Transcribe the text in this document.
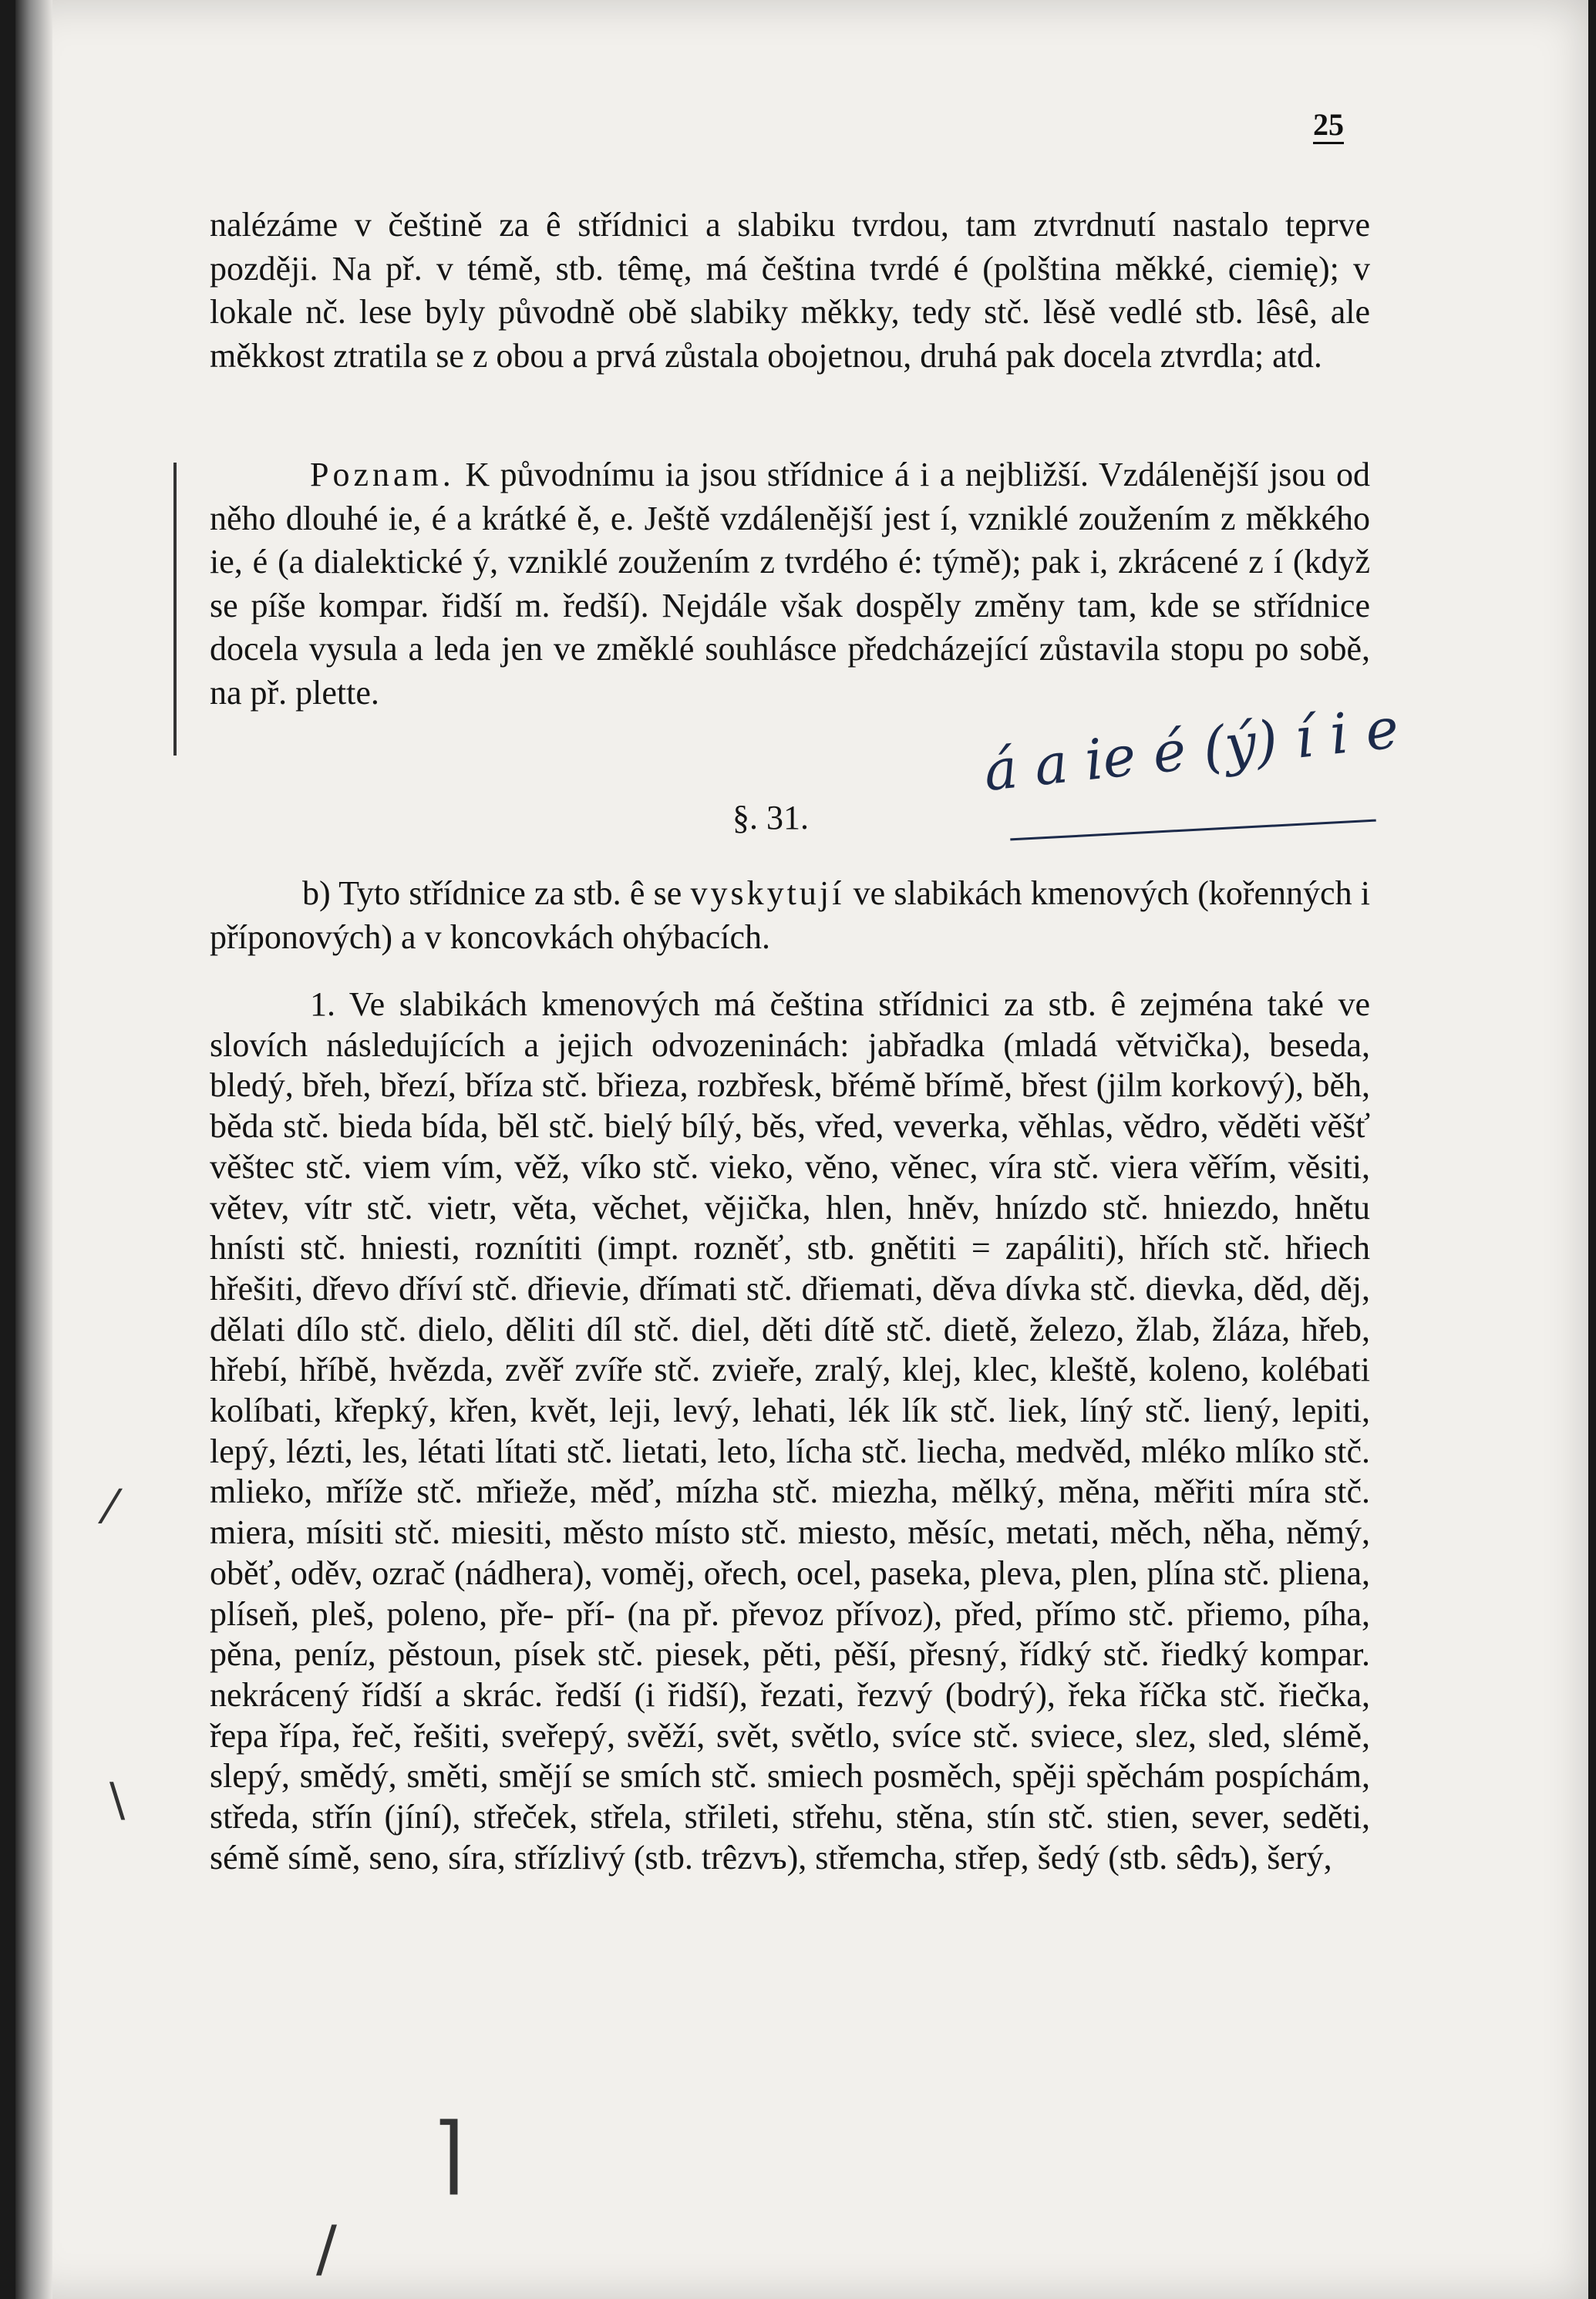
25
nalézáme v češtině za ê střídnici a slabiku tvrdou, tam ztvrdnutí nastalo teprve později. Na př. v témě, stb. têmę, má čeština tvrdé é (polština měkké, ciemię); v lokale nč. lese byly původně obě slabiky měkky, tedy stč. lěsě vedlé stb. lêsê, ale měkkost ztratila se z obou a prvá zůstala obojetnou, druhá pak docela ztvrdla; atd.
Poznam. K původnímu ia jsou střídnice á i a nejbližší. Vzdálenější jsou od něho dlouhé ie, é a krátké ě, e. Ještě vzdálenější jest í, vzniklé zoužením z měkkého ie, é (a dialektické ý, vzniklé zoužením z tvrdého é: týmě); pak i, zkrácené z í (když se píše kompar. řidší m. ředší). Nejdále však dospěly změny tam, kde se střídnice docela vysula a leda jen ve změklé souhlásce předcházející zůstavila stopu po sobě, na př. plette.
á a ie é (ý) í i e
§. 31.
b) Tyto střídnice za stb. ê se vyskytují ve slabikách kmenových (kořenných i příponových) a v koncovkách ohýbacích.
1. Ve slabikách kmenových má čeština střídnici za stb. ê zejména také ve slovích následujících a jejich odvozeninách: jabřadka (mladá větvička), beseda, bledý, břeh, březí, bříza stč. břieza, rozbřesk, břémě břímě, břest (jilm korkový), běh, běda stč. bieda bída, běl stč. bielý bílý, běs, vřed, veverka, věhlas, vědro, věděti věšť věštec stč. viem vím, věž, víko stč. vieko, věno, věnec, víra stč. viera věřím, věsiti, větev, vítr stč. vietr, věta, věchet, vějička, hlen, hněv, hnízdo stč. hniezdo, hnětu hnísti stč. hniesti, roznítiti (impt. rozněť, stb. gnětiti = zapáliti), hřích stč. hřiech hřešiti, dřevo dříví stč. dřievie, dřímati stč. dřiemati, děva dívka stč. dievka, děd, děj, dělati dílo stč. dielo, děliti díl stč. diel, děti dítě stč. dietě, železo, žlab, žláza, hřeb, hřebí, hříbě, hvězda, zvěř zvíře stč. zvieře, zralý, klej, klec, kleště, koleno, kolébati kolíbati, křepký, křen, květ, leji, levý, lehati, lék lík stč. liek, líný stč. liený, lepiti, lepý, lézti, les, létati lítati stč. lietati, leto, lícha stč. liecha, medvěd, mléko mlíko stč. mlieko, mříže stč. mřieže, měď, mízha stč. miezha, mělký, měna, měřiti míra stč. miera, mísiti stč. miesiti, město místo stč. miesto, měsíc, metati, měch, něha, němý, oběť, oděv, ozrač (nádhera), voměj, ořech, ocel, paseka, pleva, plen, plína stč. pliena, plíseň, pleš, poleno, pře- pří- (na př. převoz přívoz), před, přímo stč. přiemo, píha, pěna, peníz, pěstoun, písek stč. piesek, pěti, pěší, přesný, řídký stč. řiedký kompar. nekrácený řídší a skrác. ředší (i řidší), řezati, řezvý (bodrý), řeka říčka stč. řiečka, řepa řípa, řeč, řešiti, sveřepý, svěží, svět, světlo, svíce stč. sviece, slez, sled, slémě, slepý, smědý, směti, smějí se smích stč. smiech posměch, spěji spěchám pospíchám, středa, střín (jíní), střeček, střela, střileti, střehu, stěna, stín stč. stien, sever, seděti, sémě símě, seno, síra, střízlivý (stb. trêzvъ), střemcha, střep, šedý (stb. sêdъ), šerý,
⁄
\
⌉
/
